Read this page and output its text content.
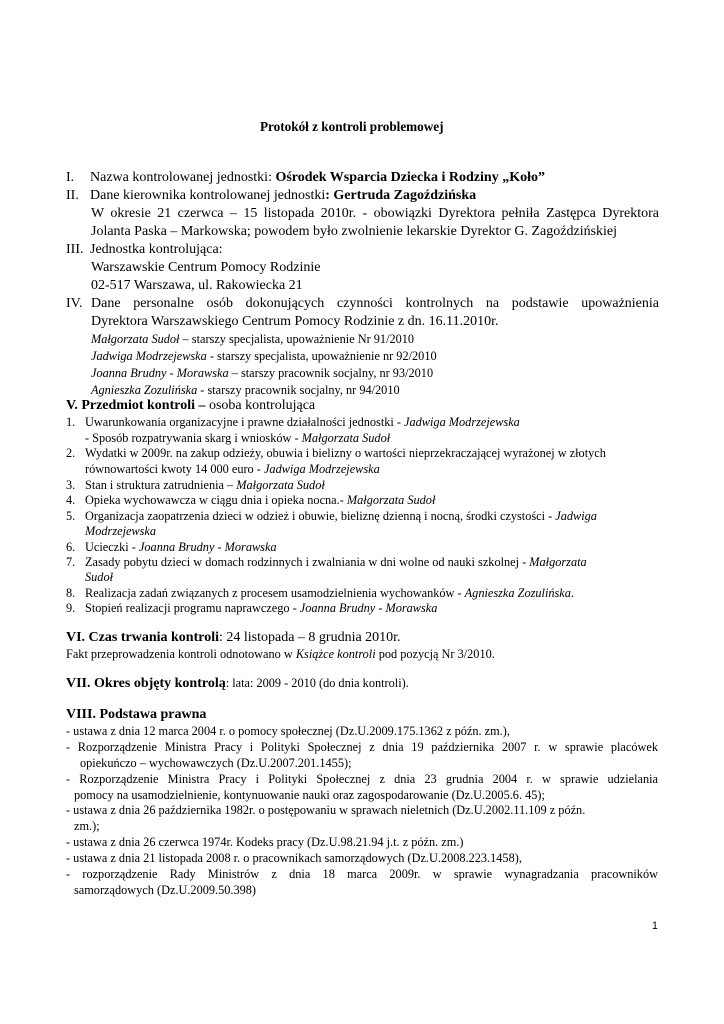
Protokół z kontroli problemowej
I. Nazwa kontrolowanej jednostki: Ośrodek Wsparcia Dziecka i Rodziny „Koło”
II. Dane kierownika kontrolowanej jednostki: Gertruda Zagoździńska
W okresie 21 czerwca – 15 listopada 2010r. - obowiązki Dyrektora pełniła Zastępca Dyrektora
Jolanta Paska – Markowska; powodem było zwolnienie lekarskie Dyrektor G. Zagoździńskiej
III. Jednostka kontrolująca:
Warszawskie Centrum Pomocy Rodzinie
02-517 Warszawa, ul. Rakowiecka 21
IV. Dane personalne osób dokonujących czynności kontrolnych na podstawie upoważnienia
Dyrektora Warszawskiego Centrum Pomocy Rodzinie z dn. 16.11.2010r.
Małgorzata Sudoł – starszy specjalista, upoważnienie Nr 91/2010
Jadwiga Modrzejewska - starszy specjalista, upoważnienie nr 92/2010
Joanna Brudny - Morawska – starszy pracownik socjalny, nr 93/2010
Agnieszka Zozulińska - starszy pracownik socjalny, nr 94/2010
V. Przedmiot kontroli – osoba kontrolująca
1. Uwarunkowania organizacyjne i prawne działalności jednostki - Jadwiga Modrzejewska
- Sposób rozpatrywania skarg i wniosków - Małgorzata Sudoł
2. Wydatki w 2009r. na zakup odzieży, obuwia i bielizny o wartości nieprzekraczającej wyrażonej w złotych
równowartości kwoty 14 000 euro - Jadwiga Modrzejewska
3. Stan i struktura zatrudnienia – Małgorzata Sudoł
4. Opieka wychowawcza w ciągu dnia i opieka nocna.- Małgorzata Sudoł
5. Organizacja zaopatrzenia dzieci w odzież i obuwie, bieliznę dzienną i nocną, środki czystości - Jadwiga
Modrzejewska
6. Ucieczki - Joanna Brudny - Morawska
7. Zasady pobytu dzieci w domach rodzinnych i zwalniania w dni wolne od nauki szkolnej - Małgorzata
Sudoł
8. Realizacja zadań związanych z procesem usamodzielnienia wychowanków - Agnieszka Zozulińska.
9. Stopień realizacji programu naprawczego - Joanna Brudny - Morawska
VI. Czas trwania kontroli: 24 listopada – 8 grudnia 2010r.
Fakt przeprowadzenia kontroli odnotowano w Książce kontroli pod pozycją Nr 3/2010.
VII. Okres objęty kontrolą: lata: 2009 - 2010 (do dnia kontroli).
VIII. Podstawa prawna
- ustawa z dnia 12 marca 2004 r. o pomocy społecznej (Dz.U.2009.175.1362 z późn. zm.),
- Rozporządzenie Ministra Pracy i Polityki Społecznej z dnia 19 października 2007 r. w sprawie placówek
opiekuńczo – wychowawczych (Dz.U.2007.201.1455);
- Rozporządzenie Ministra Pracy i Polityki Społecznej z dnia 23 grudnia 2004 r. w sprawie udzielania
pomocy na usamodzielnienie, kontynuowanie nauki oraz zagospodarowanie (Dz.U.2005.6. 45);
- ustawa z dnia 26 października 1982r. o postępowaniu w sprawach nieletnich (Dz.U.2002.11.109 z późn.
zm.);
- ustawa z dnia 26 czerwca 1974r. Kodeks pracy (Dz.U.98.21.94 j.t. z późn. zm.)
- ustawa z dnia 21 listopada 2008 r. o pracownikach samorządowych (Dz.U.2008.223.1458),
- rozporządzenie Rady Ministrów z dnia 18 marca 2009r. w sprawie wynagradzania pracowników
samorządowych (Dz.U.2009.50.398)
1
